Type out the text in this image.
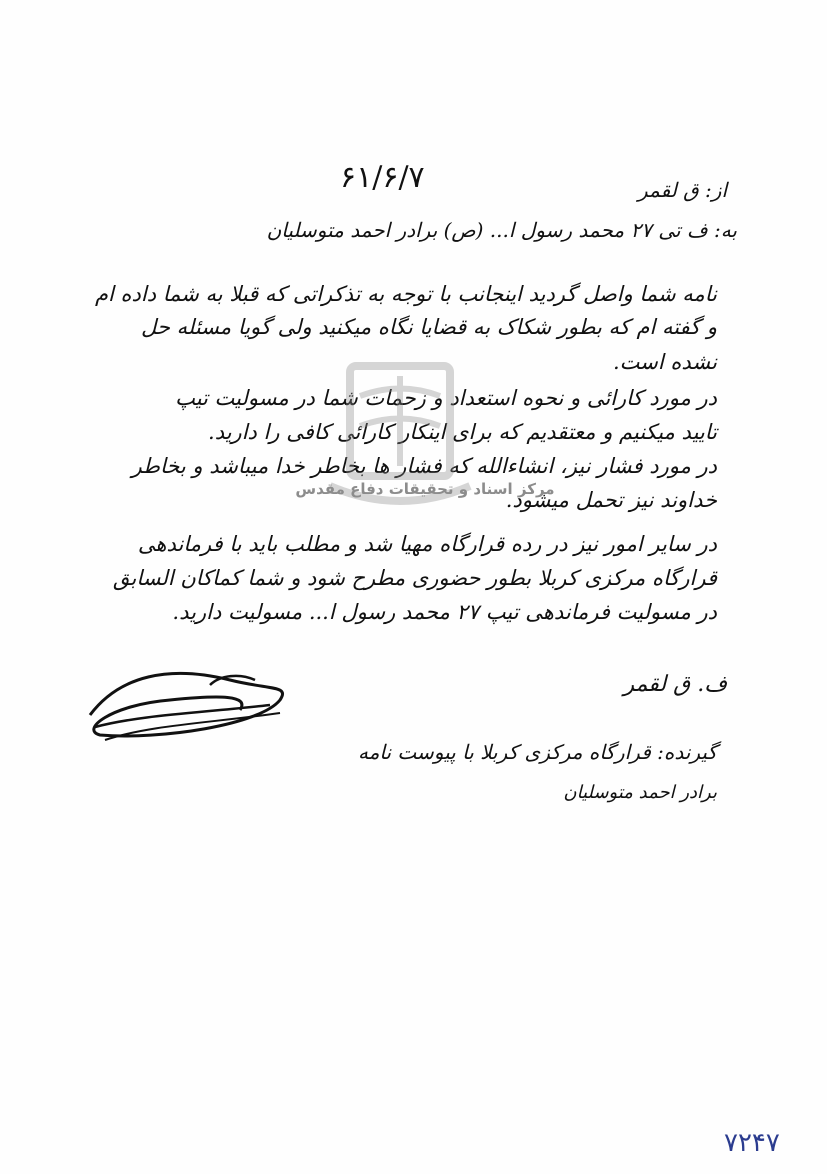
۶۱/۶/۷	از: ق لقمر
به: ف تی ۲۷ محمد رسول ا... (ص) برادر احمد متوسلیان
نامه شما واصل گردید اینجانب با توجه به تذکراتی که قبلا به شما داده ام
و گفته ام که بطور شکاک به قضایا نگاه میکنید ولی گویا مسئله حل
نشده است.
در مورد کارائی و نحوه استعداد و زحمات شما در مسولیت تیپ
تایید میکنیم و معتقدیم که برای اینکار کارائی کافی را دارید.
در مورد فشار نیز، انشاءالله که فشار ها بخاطر خدا میباشد و بخاطر
خداوند نیز تحمل میشود.
در سایر امور نیز در رده قرارگاه مهیا شد و مطلب باید با فرماندهی
قرارگاه مرکزی کربلا بطور حضوری مطرح شود و شما کماکان السابق
در مسولیت فرماندهی تیپ ۲۷ محمد رسول ا... مسولیت دارید.
مرکز اسناد و تحقیقات دفاع مقدس
ف. ق لقمر
گیرنده: قرارگاه مرکزی کربلا با پیوست نامه
برادر احمد متوسلیان
۷۲۴۷
